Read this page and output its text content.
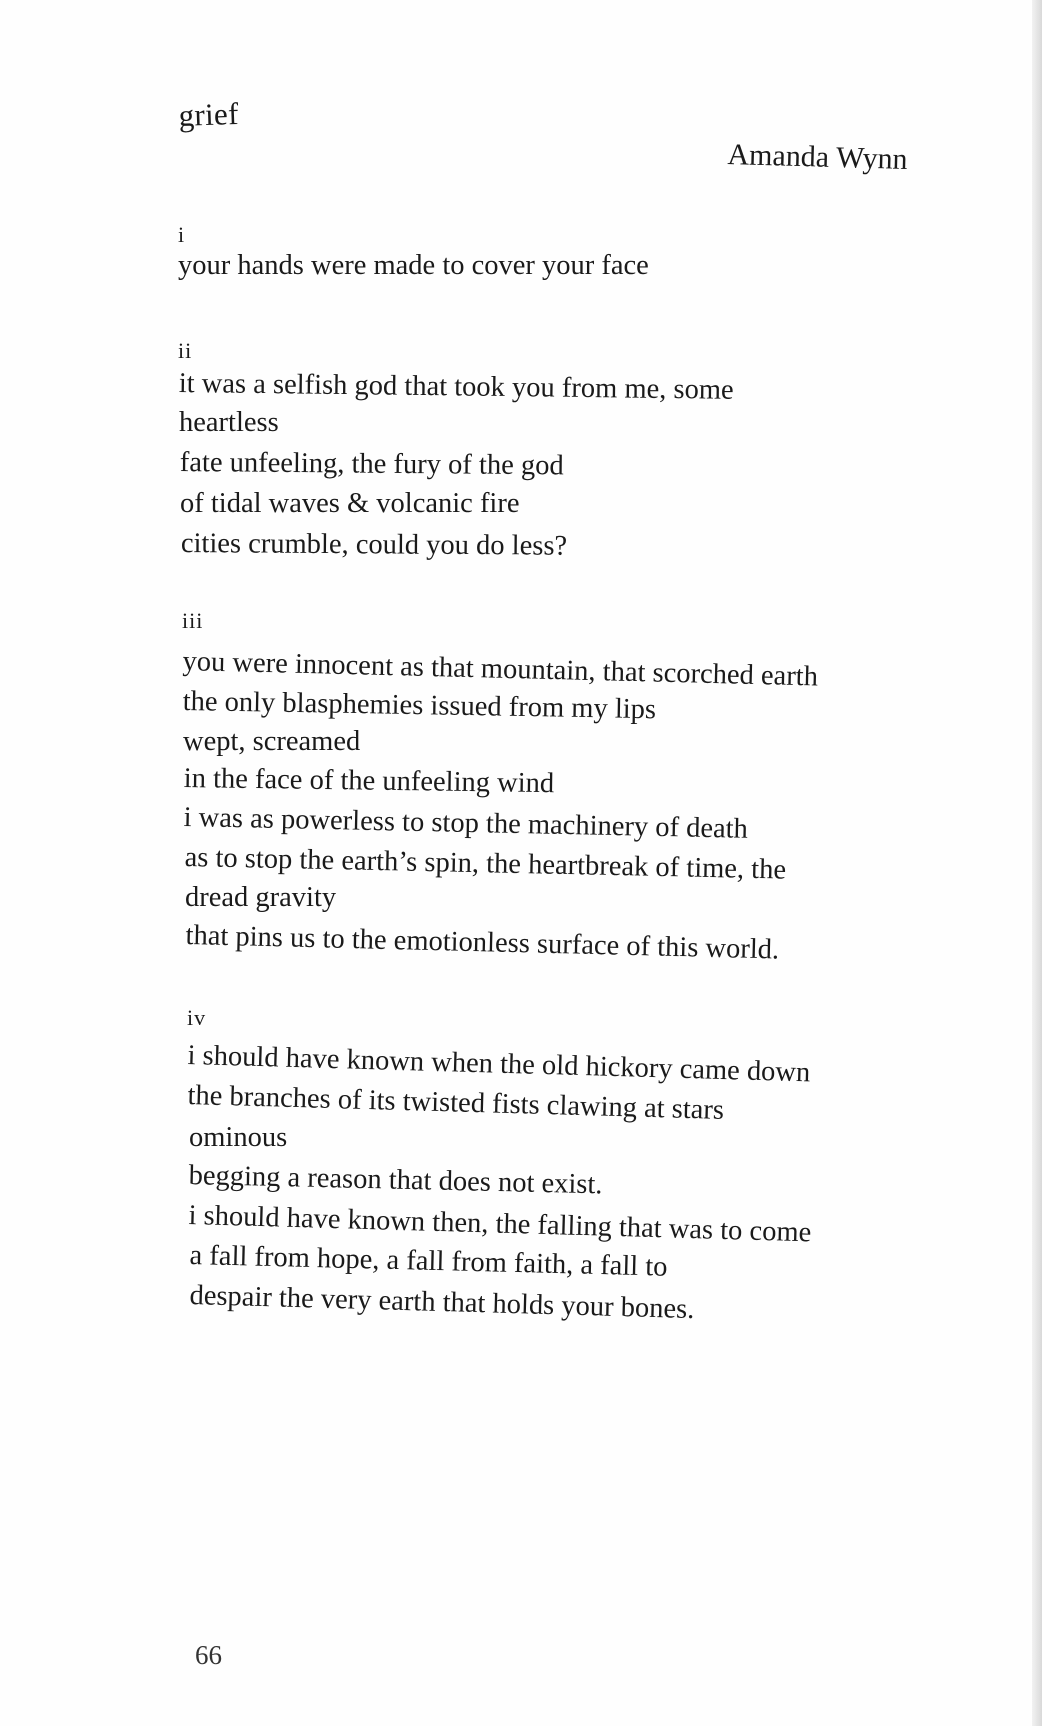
grief
Amanda Wynn
i
your hands were made to cover your face
ii
it was a selfish god that took you from me, some
heartless
fate unfeeling, the fury of the god
of tidal waves & volcanic fire
cities crumble, could you do less?
iii
you were innocent as that mountain, that scorched earth
the only blasphemies issued from my lips
wept, screamed
in the face of the unfeeling wind
i was as powerless to stop the machinery of death
as to stop the earth’s spin, the heartbreak of time, the
dread gravity
that pins us to the emotionless surface of this world.
iv
i should have known when the old hickory came down
the branches of its twisted fists clawing at stars
ominous
begging a reason that does not exist.
i should have known then, the falling that was to come
a fall from hope, a fall from faith, a fall to
despair the very earth that holds your bones.
66
